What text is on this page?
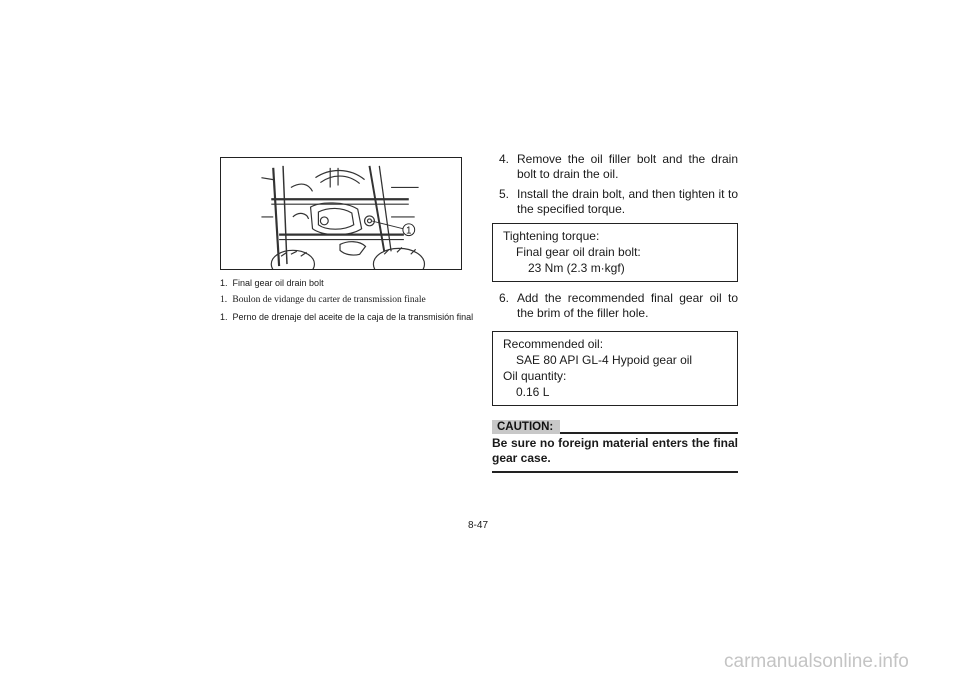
1

1. Final gear oil drain bolt

1. Boulon de vidange du carter de transmission finale

1. Perno de drenaje del aceite de la caja de la transmisión final

4. Remove the oil filler bolt and the drain bolt to drain the oil.

5. Install the drain bolt, and then tighten it to the specified torque.

Tightening torque:
Final gear oil drain bolt:
23 Nm (2.3 m·kgf)

6. Add the recommended final gear oil to the brim of the filler hole.

Recommended oil:
SAE 80 API GL-4 Hypoid gear oil
Oil quantity:
0.16 L
CAUTION:
Be sure no foreign material enters the final gear case.
8-47
carmanualsonline.info
